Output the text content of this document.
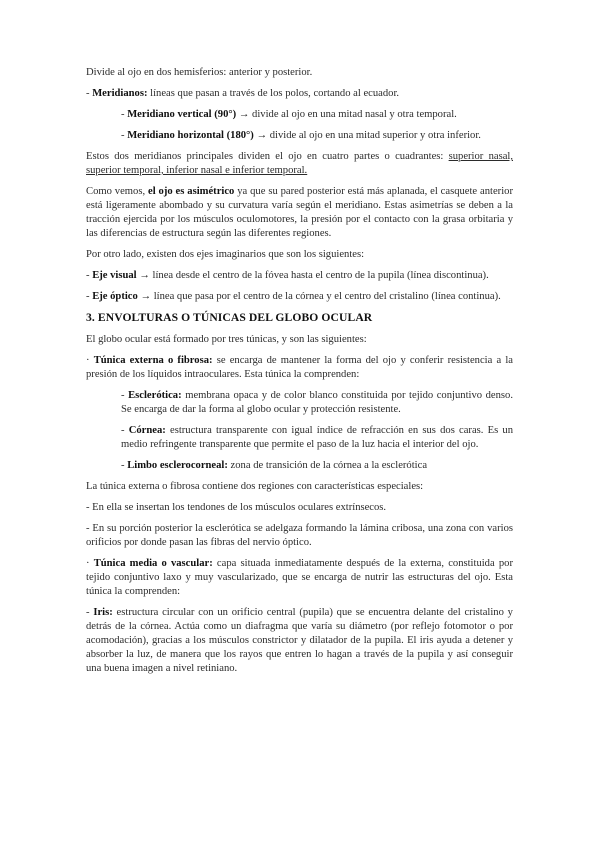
Divide al ojo en dos hemisferios: anterior y posterior.

- Meridianos: líneas que pasan a través de los polos, cortando al ecuador.

- Meridiano vertical (90°) → divide al ojo en una mitad nasal y otra temporal.

- Meridiano horizontal (180°) → divide al ojo en una mitad superior y otra inferior.

Estos dos meridianos principales dividen el ojo en cuatro partes o cuadrantes: superior nasal, superior temporal, inferior nasal e inferior temporal.

Como vemos, el ojo es asimétrico ya que su pared posterior está más aplanada, el casquete anterior está ligeramente abombado y su curvatura varía según el meridiano. Estas asimetrías se deben a la tracción ejercida por los músculos oculomotores, la presión por el contacto con la grasa orbitaria y las diferencias de estructura según las diferentes regiones.

Por otro lado, existen dos ejes imaginarios que son los siguientes:

- Eje visual → línea desde el centro de la fóvea hasta el centro de la pupila (línea discontinua).

- Eje óptico → línea que pasa por el centro de la córnea y el centro del cristalino (línea continua).

3. ENVOLTURAS O TÚNICAS DEL GLOBO OCULAR

El globo ocular está formado por tres túnicas, y son las siguientes:

· Túnica externa o fibrosa: se encarga de mantener la forma del ojo y conferir resistencia a la presión de los líquidos intraoculares. Esta túnica la comprenden:

- Esclerótica: membrana opaca y de color blanco constituida por tejido conjuntivo denso. Se encarga de dar la forma al globo ocular y protección resistente.

- Córnea: estructura transparente con igual índice de refracción en sus dos caras. Es un medio refringente transparente que permite el paso de la luz hacia el interior del ojo.

- Limbo esclerocorneal: zona de transición de la córnea a la esclerótica

La túnica externa o fibrosa contiene dos regiones con características especiales:

- En ella se insertan los tendones de los músculos oculares extrínsecos.

- En su porción posterior la esclerótica se adelgaza formando la lámina cribosa, una zona con varios orificios por donde pasan las fibras del nervio óptico.

· Túnica media o vascular: capa situada inmediatamente después de la externa, constituida por tejido conjuntivo laxo y muy vascularizado, que se encarga de nutrir las estructuras del ojo. Esta túnica la comprenden:

- Iris: estructura circular con un orificio central (pupila) que se encuentra delante del cristalino y detrás de la córnea. Actúa como un diafragma que varía su diámetro (por reflejo fotomotor o por acomodación), gracias a los músculos constrictor y dilatador de la pupila. El iris ayuda a detener y absorber la luz, de manera que los rayos que entren lo hagan a través de la pupila y así conseguir una buena imagen a nivel retiniano.
